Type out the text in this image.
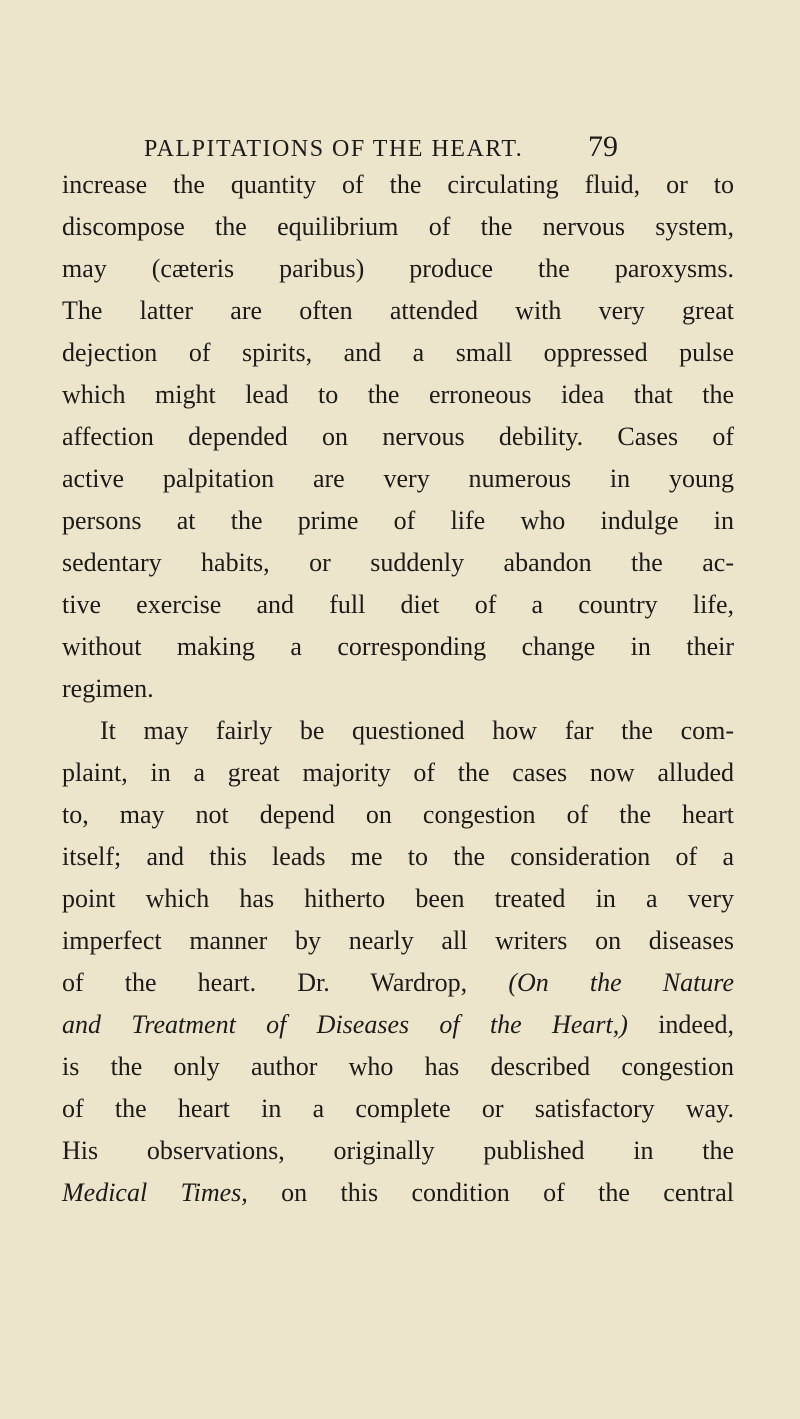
PALPITATIONS OF THE HEART. 79
increase the quantity of the circulating fluid, or to
discompose the equilibrium of the nervous system,
may (cæteris paribus) produce the paroxysms.
The latter are often attended with very great
dejection of spirits, and a small oppressed pulse
which might lead to the erroneous idea that the
affection depended on nervous debility. Cases of
active palpitation are very numerous in young
persons at the prime of life who indulge in
sedentary habits, or suddenly abandon the ac-
tive exercise and full diet of a country life,
without making a corresponding change in their
regimen.
It may fairly be questioned how far the com-
plaint, in a great majority of the cases now alluded
to, may not depend on congestion of the heart
itself; and this leads me to the consideration of a
point which has hitherto been treated in a very
imperfect manner by nearly all writers on diseases
of the heart. Dr. Wardrop, (On the Nature
and Treatment of Diseases of the Heart,) indeed,
is the only author who has described congestion
of the heart in a complete or satisfactory way.
His observations, originally published in the
Medical Times, on this condition of the central
